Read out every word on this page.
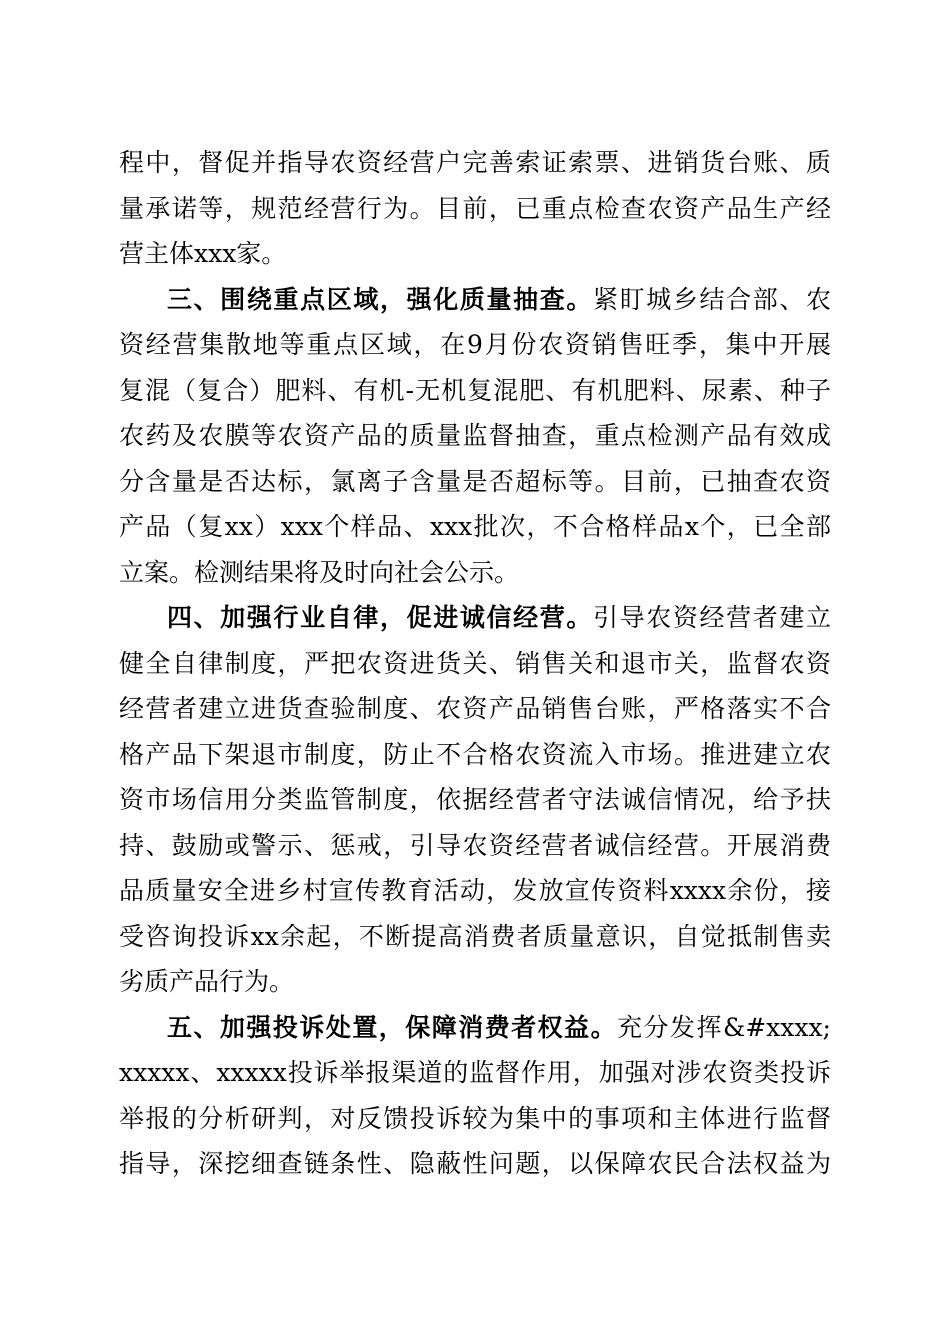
程中，督促并指导农资经营户完善索证索票、进销货台账、质
量承诺等，规范经营行为。目前，已重点检查农资产品生产经
营主体xxx家。
三、围绕重点区域，强化质量抽查。紧盯城乡结合部、农
资经营集散地等重点区域，在9月份农资销售旺季，集中开展
复混（复合）肥料、有机-无机复混肥、有机肥料、尿素、种子
农药及农膜等农资产品的质量监督抽查，重点检测产品有效成
分含量是否达标，氯离子含量是否超标等。目前，已抽查农资
产品（复xx）xxx个样品、xxx批次，不合格样品x个，已全部
立案。检测结果将及时向社会公示。
四、加强行业自律，促进诚信经营。引导农资经营者建立
健全自律制度，严把农资进货关、销售关和退市关，监督农资
经营者建立进货查验制度、农资产品销售台账，严格落实不合
格产品下架退市制度，防止不合格农资流入市场。推进建立农
资市场信用分类监管制度，依据经营者守法诚信情况，给予扶
持、鼓励或警示、惩戒，引导农资经营者诚信经营。开展消费
品质量安全进乡村宣传教育活动，发放宣传资料xxxx余份，接
受咨询投诉xx余起，不断提高消费者质量意识，自觉抵制售卖
劣质产品行为。
五、加强投诉处置，保障消费者权益。充分发挥&#xxxx;
xxxxx、xxxxx投诉举报渠道的监督作用，加强对涉农资类投诉
举报的分析研判，对反馈投诉较为集中的事项和主体进行监督
指导，深挖细查链条性、隐蔽性问题，以保障农民合法权益为
